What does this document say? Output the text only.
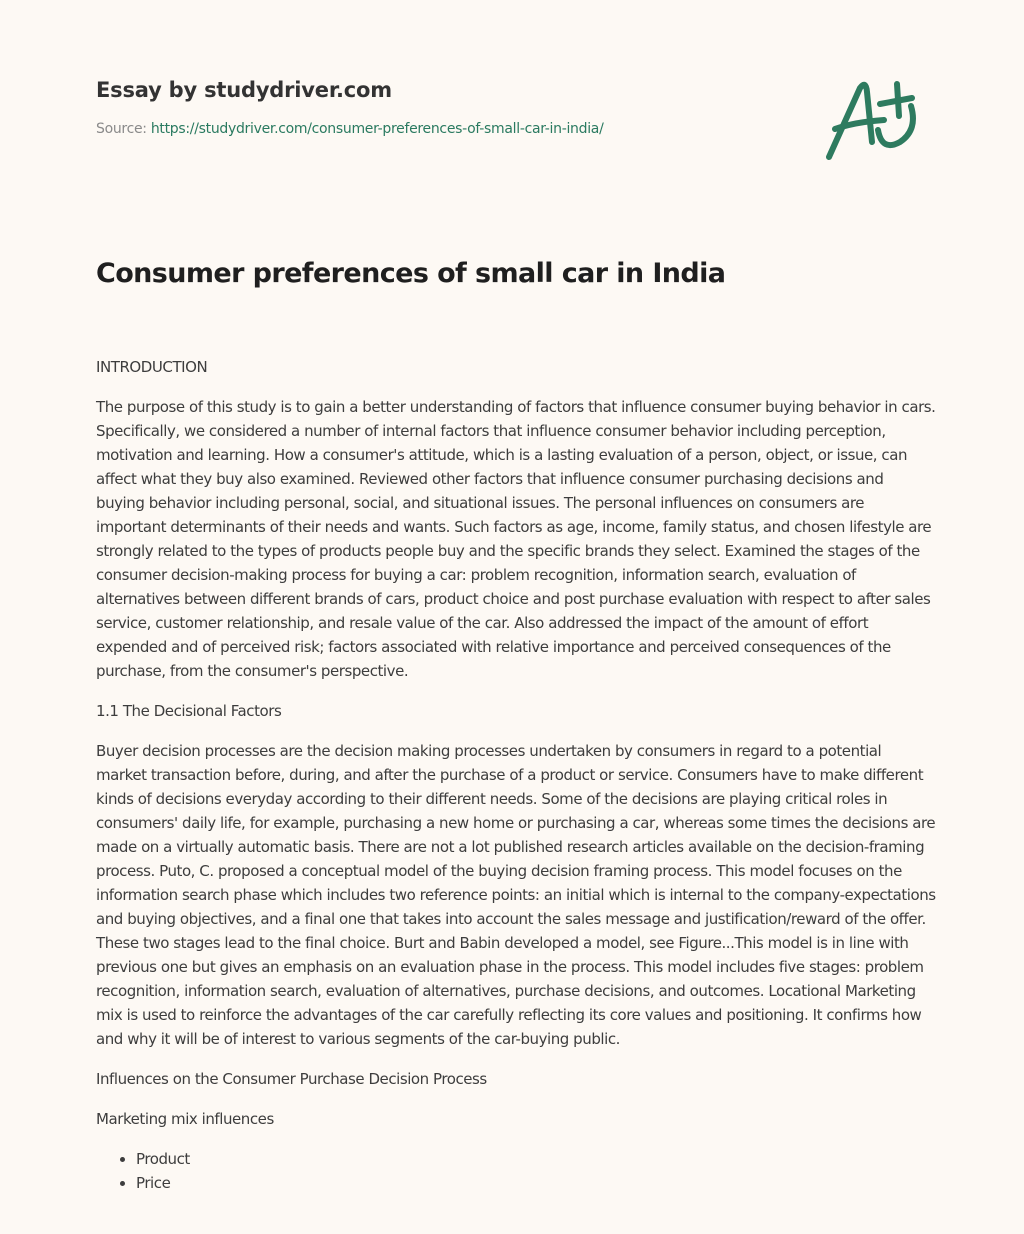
Essay by studydriver.com
Source: https://studydriver.com/consumer-preferences-of-small-car-in-india/
Consumer preferences of small car in India

INTRODUCTION

The purpose of this study is to gain a better understanding of factors that influence consumer buying behavior in cars. Specifically, we considered a number of internal factors that influence consumer behavior including perception, motivation and learning. How a consumer's attitude, which is a lasting evaluation of a person, object, or issue, can affect what they buy also examined. Reviewed other factors that influence consumer purchasing decisions and buying behavior including personal, social, and situational issues. The personal influences on consumers are important determinants of their needs and wants. Such factors as age, income, family status, and chosen lifestyle are strongly related to the types of products people buy and the specific brands they select. Examined the stages of the consumer decision-making process for buying a car: problem recognition, information search, evaluation of alternatives between different brands of cars, product choice and post purchase evaluation with respect to after sales service, customer relationship, and resale value of the car. Also addressed the impact of the amount of effort expended and of perceived risk; factors associated with relative importance and perceived consequences of the purchase, from the consumer's perspective.

1.1 The Decisional Factors

Buyer decision processes are the decision making processes undertaken by consumers in regard to a potential market transaction before, during, and after the purchase of a product or service. Consumers have to make different kinds of decisions everyday according to their different needs. Some of the decisions are playing critical roles in consumers' daily life, for example, purchasing a new home or purchasing a car, whereas some times the decisions are made on a virtually automatic basis. There are not a lot published research articles available on the decision-framing process. Puto, C. proposed a conceptual model of the buying decision framing process. This model focuses on the information search phase which includes two reference points: an initial which is internal to the company-expectations and buying objectives, and a final one that takes into account the sales message and justification/reward of the offer. These two stages lead to the final choice. Burt and Babin developed a model, see Figure...This model is in line with previous one but gives an emphasis on an evaluation phase in the process. This model includes five stages: problem recognition, information search, evaluation of alternatives, purchase decisions, and outcomes. Locational Marketing mix is used to reinforce the advantages of the car carefully reflecting its core values and positioning. It confirms how and why it will be of interest to various segments of the car-buying public.

Influences on the Consumer Purchase Decision Process

Marketing mix influences

• Product
• Price
